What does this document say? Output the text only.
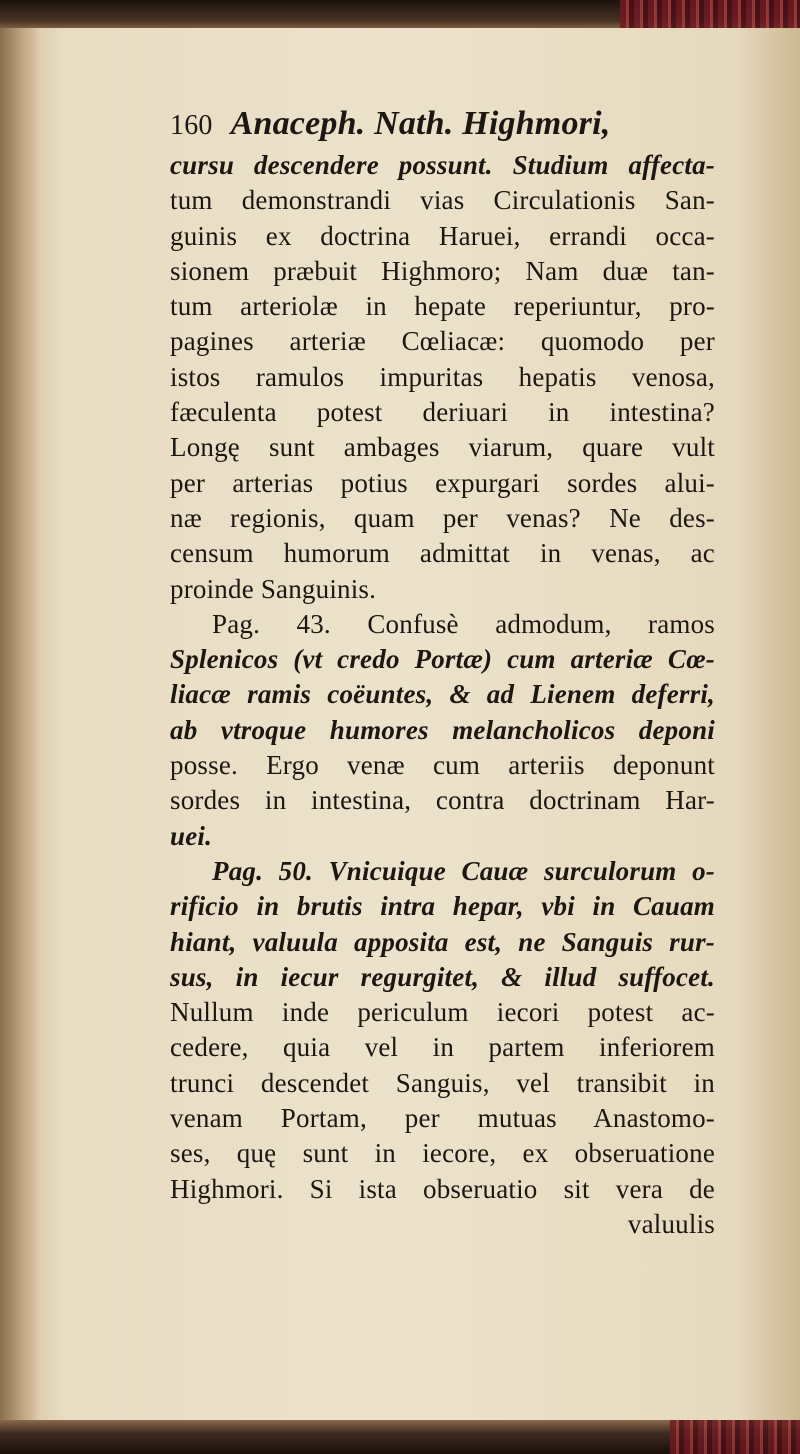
160 Anaceph. Nath. Highmori,
cursu descendere possunt. Studium affecta-
tum demonstrandi vias Circulationis San-
guinis ex doctrina Haruei, errandi occa-
sionem præbuit Highmoro; Nam duæ tan-
tum arteriolæ in hepate reperiuntur, pro-
pagines arteriæ Cœliacæ: quomodo per
istos ramulos impuritas hepatis venosa,
fæculenta potest deriuari in intestina?
Longę sunt ambages viarum, quare vult
per arterias potius expurgari sordes alui-
næ regionis, quam per venas? Ne des-
censum humorum admittat in venas, ac
proinde Sanguinis.
Pag. 43. Confusè admodum, ramos
Splenicos (vt credo Portæ) cum arteriæ Cœ-
liacæ ramis coëuntes, & ad Lienem deferri,
ab vtroque humores melancholicos deponi
posse. Ergo venæ cum arteriis deponunt
sordes in intestina, contra doctrinam Har-
uei.
Pag. 50. Vnicuique Cauæ surculorum o-
rificio in brutis intra hepar, vbi in Cauam
hiant, valuula apposita est, ne Sanguis rur-
sus, in iecur regurgitet, & illud suffocet.
Nullum inde periculum iecori potest ac-
cedere, quia vel in partem inferiorem
trunci descendet Sanguis, vel transibit in
venam Portam, per mutuas Anastomo-
ses, quę sunt in iecore, ex obseruatione
Highmori. Si ista obseruatio sit vera de
valuulis
